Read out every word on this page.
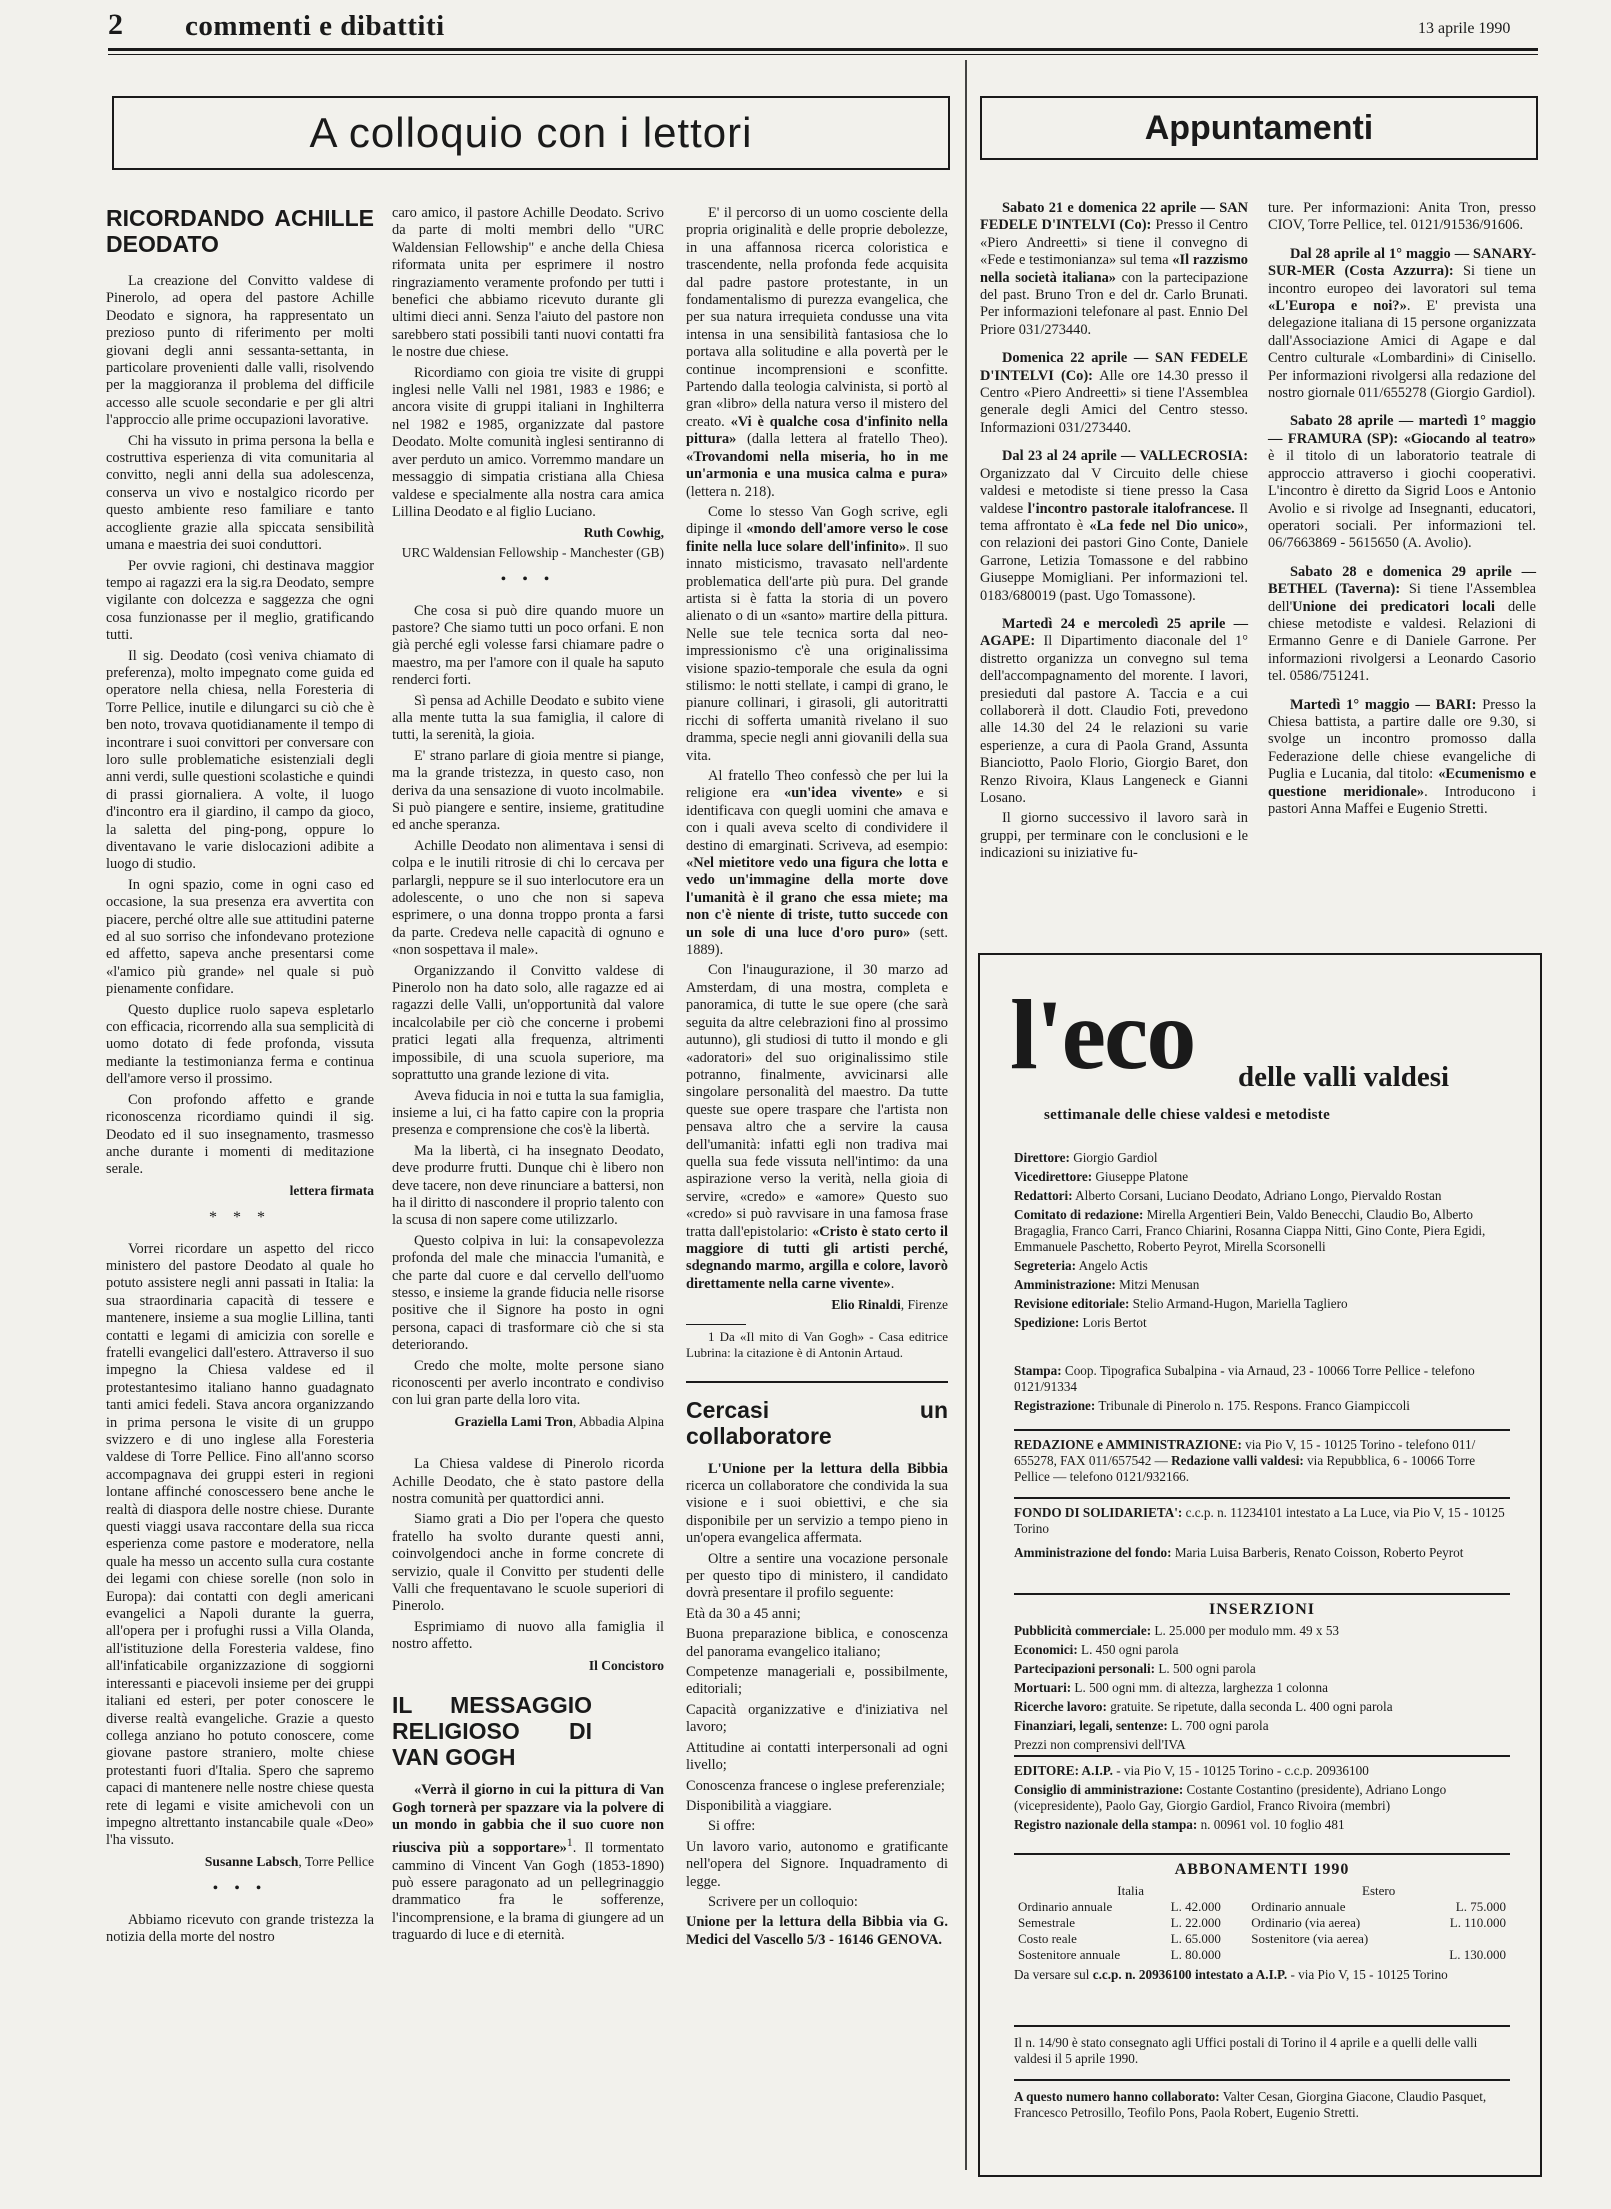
2 commenti e dibattiti	13 aprile 1990
A colloquio con i lettori	Appuntamenti
RICORDANDO ACHILLE DEODATO

La creazione del Convitto valdese di Pinerolo, ad opera del pastore Achille Deodato e signora, ha rappresentato un prezioso punto di riferimento per molti giovani degli anni sessanta-settanta, in particolare provenienti dalle valli, risolvendo per la maggioranza il problema del difficile accesso alle scuole secondarie e per gli altri l'approccio alle prime occupazioni lavorative.

Chi ha vissuto in prima persona la bella e costruttiva esperienza di vita comunitaria al convitto, negli anni della sua adolescenza, conserva un vivo e nostalgico ricordo per questo ambiente reso familiare e tanto accogliente grazie alla spiccata sensibilità umana e maestria dei suoi conduttori.

Per ovvie ragioni, chi destinava maggior tempo ai ragazzi era la sig.ra Deodato, sempre vigilante con dolcezza e saggezza che ogni cosa funzionasse per il meglio, gratificando tutti.

Il sig. Deodato (così veniva chiamato di preferenza), molto impegnato come guida ed operatore nella chiesa, nella Foresteria di Torre Pellice, inutile e dilungarci su ciò che è ben noto, trovava quotidianamente il tempo di incontrare i suoi convittori per conversare con loro sulle problematiche esistenziali degli anni verdi, sulle questioni scolastiche e quindi di prassi giornaliera. A volte, il luogo d'incontro era il giardino, il campo da gioco, la saletta del ping-pong, oppure lo diventavano le varie dislocazioni adibite a luogo di studio.

In ogni spazio, come in ogni caso ed occasione, la sua presenza era avvertita con piacere, perché oltre alle sue attitudini paterne ed al suo sorriso che infondevano protezione ed affetto, sapeva anche presentarsi come «l'amico più grande» nel quale si può pienamente confidare.

Questo duplice ruolo sapeva espletarlo con efficacia, ricorrendo alla sua semplicità di uomo dotato di fede profonda, vissuta mediante la testimonianza ferma e continua dell'amore verso il prossimo.

Con profondo affetto e grande riconoscenza ricordiamo quindi il sig. Deodato ed il suo insegnamento, trasmesso anche durante i momenti di meditazione serale.

lettera firmata
* * *

Vorrei ricordare un aspetto del ricco ministero del pastore Deodato al quale ho potuto assistere negli anni passati in Italia: la sua straordinaria capacità di tessere e mantenere, insieme a sua moglie Lillina, tanti contatti e legami di amicizia con sorelle e fratelli evangelici dall'estero. Attraverso il suo impegno la Chiesa valdese ed il protestantesimo italiano hanno guadagnato tanti amici fedeli. Stava ancora organizzando in prima persona le visite di un gruppo svizzero e di uno inglese alla Foresteria valdese di Torre Pellice. Fino all'anno scorso accompagnava dei gruppi esteri in regioni lontane affinché conoscessero bene anche le realtà di diaspora delle nostre chiese. Durante questi viaggi usava raccontare della sua ricca esperienza come pastore e moderatore, nella quale ha messo un accento sulla cura costante dei legami con chiese sorelle (non solo in Europa): dai contatti con degli americani evangelici a Napoli durante la guerra, all'opera per i profughi russi a Villa Olanda, all'istituzione della Foresteria valdese, fino all'infaticabile organizzazione di soggiorni interessanti e piacevoli insieme per dei gruppi italiani ed esteri, per poter conoscere le diverse realtà evangeliche. Grazie a questo collega anziano ho potuto conoscere, come giovane pastore straniero, molte chiese protestanti fuori d'Italia. Spero che sapremo capaci di mantenere nelle nostre chiese questa rete di legami e visite amichevoli con un impegno altrettanto instancabile quale «Deo» l'ha vissuto.

Susanne Labsch, Torre Pellice
• • •

Abbiamo ricevuto con grande tristezza la notizia della morte del nostro

caro amico, il pastore Achille Deodato. Scrivo da parte di molti membri dello "URC Waldensian Fellowship" e anche della Chiesa riformata unita per esprimere il nostro ringraziamento veramente profondo per tutti i benefici che abbiamo ricevuto durante gli ultimi dieci anni. Senza l'aiuto del pastore non sarebbero stati possibili tanti nuovi contatti fra le nostre due chiese.

Ricordiamo con gioia tre visite di gruppi inglesi nelle Valli nel 1981, 1983 e 1986; e ancora visite di gruppi italiani in Inghilterra nel 1982 e 1985, organizzate dal pastore Deodato. Molte comunità inglesi sentiranno di aver perduto un amico. Vorremmo mandare un messaggio di simpatia cristiana alla Chiesa valdese e specialmente alla nostra cara amica Lillina Deodato e al figlio Luciano.

Ruth Cowhig,
URC Waldensian Fellowship - Manchester (GB)
• • •

Che cosa si può dire quando muore un pastore? Che siamo tutti un poco orfani. E non già perché egli volesse farsi chiamare padre o maestro, ma per l'amore con il quale ha saputo renderci forti.

Sì pensa ad Achille Deodato e subito viene alla mente tutta la sua famiglia, il calore di tutti, la serenità, la gioia.

E' strano parlare di gioia mentre si piange, ma la grande tristezza, in questo caso, non deriva da una sensazione di vuoto incolmabile. Si può piangere e sentire, insieme, gratitudine ed anche speranza.

Achille Deodato non alimentava i sensi di colpa e le inutili ritrosie di chi lo cercava per parlargli, neppure se il suo interlocutore era un adolescente, o uno che non si sapeva esprimere, o una donna troppo pronta a farsi da parte. Credeva nelle capacità di ognuno e «non sospettava il male».

Organizzando il Convitto valdese di Pinerolo non ha dato solo, alle ragazze ed ai ragazzi delle Valli, un'opportunità dal valore incalcolabile per ciò che concerne i probemi pratici legati alla frequenza, altrimenti impossibile, di una scuola superiore, ma soprattutto una grande lezione di vita.

Aveva fiducia in noi e tutta la sua famiglia, insieme a lui, ci ha fatto capire con la propria presenza e comprensione che cos'è la libertà.

Ma la libertà, ci ha insegnato Deodato, deve produrre frutti. Dunque chi è libero non deve tacere, non deve rinunciare a battersi, non ha il diritto di nascondere il proprio talento con la scusa di non sapere come utilizzarlo.

Questo colpiva in lui: la consapevolezza profonda del male che minaccia l'umanità, e che parte dal cuore e dal cervello dell'uomo stesso, e insieme la grande fiducia nelle risorse positive che il Signore ha posto in ogni persona, capaci di trasformare ciò che si sta deteriorando.

Credo che molte, molte persone siano riconoscenti per averlo incontrato e condiviso con lui gran parte della loro vita.

Graziella Lami Tron, Abbadia Alpina

La Chiesa valdese di Pinerolo ricorda Achille Deodato, che è stato pastore della nostra comunità per quattordici anni.

Siamo grati a Dio per l'opera che questo fratello ha svolto durante questi anni, coinvolgendoci anche in forme concrete di servizio, quale il Convitto per studenti delle Valli che frequentavano le scuole superiori di Pinerolo.

Esprimiamo di nuovo alla famiglia il nostro affetto.

Il Concistoro
IL MESSAGGIO RELIGIOSO DI VAN GOGH

«Verrà il giorno in cui la pittura di Van Gogh tornerà per spazzare via la polvere di un mondo in gabbia che il suo cuore non riusciva più a sopportare»$^1$. Il tormentato cammino di Vincent Van Gogh (1853-1890) può essere paragonato ad un pellegrinaggio drammatico fra le sofferenze, l'incomprensione, e la brama di giungere ad un traguardo di luce e di eternità.

E' il percorso di un uomo cosciente della propria originalità e delle proprie debolezze, in una affannosa ricerca coloristica e trascendente, nella profonda fede acquisita dal padre pastore protestante, in un fondamentalismo di purezza evangelica, che per sua natura irrequieta condusse una vita intensa in una sensibilità fantasiosa che lo portava alla solitudine e alla povertà per le continue incomprensioni e sconfitte. Partendo dalla teologia calvinista, si portò al gran «libro» della natura verso il mistero del creato. «Vi è qualche cosa d'infinito nella pittura» (dalla lettera al fratello Theo). «Trovandomi nella miseria, ho in me un'armonia e una musica calma e pura» (lettera n. 218).

Come lo stesso Van Gogh scrive, egli dipinge il «mondo dell'amore verso le cose finite nella luce solare dell'infinito». Il suo innato misticismo, travasato nell'ardente problematica dell'arte più pura. Del grande artista si è fatta la storia di un povero alienato o di un «santo» martire della pittura. Nelle sue tele tecnica sorta dal neo-impressionismo c'è una originalissima visione spazio-temporale che esula da ogni stilismo: le notti stellate, i campi di grano, le pianure collinari, i girasoli, gli autoritratti ricchi di sofferta umanità rivelano il suo dramma, specie negli anni giovanili della sua vita.

Al fratello Theo confessò che per lui la religione era «un'idea vivente» e si identificava con quegli uomini che amava e con i quali aveva scelto di condividere il destino di emarginati. Scriveva, ad esempio: «Nel mietitore vedo una figura che lotta e vedo un'immagine della morte dove l'umanità è il grano che essa miete; ma non c'è niente di triste, tutto succede con un sole di una luce d'oro puro» (sett. 1889).

Con l'inaugurazione, il 30 marzo ad Amsterdam, di una mostra, completa e panoramica, di tutte le sue opere (che sarà seguita da altre celebrazioni fino al prossimo autunno), gli studiosi di tutto il mondo e gli «adoratori» del suo originalissimo stile potranno, finalmente, avvicinarsi alle singolare personalità del maestro. Da tutte queste sue opere traspare che l'artista non pensava altro che a servire la causa dell'umanità: infatti egli non tradiva mai quella sua fede vissuta nell'intimo: da una aspirazione verso la verità, nella gioia di servire, «credo» e «amore» Questo suo «credo» si può ravvisare in una famosa frase tratta dall'epistolario: «Cristo è stato certo il maggiore di tutti gli artisti perché, sdegnando marmo, argilla e colore, lavorò direttamente nella carne vivente».

Elio Rinaldi, Firenze

1 Da «Il mito di Van Gogh» - Casa editrice Lubrina: la citazione è di Antonin Artaud.

Cercasi un collaboratore

L'Unione per la lettura della Bibbia ricerca un collaboratore che condivida la sua visione e i suoi obiettivi, e che sia disponibile per un servizio a tempo pieno in un'opera evangelica affermata.

Oltre a sentire una vocazione personale per questo tipo di ministero, il candidato dovrà presentare il profilo seguente:

Età da 30 a 45 anni;

Buona preparazione biblica, e conoscenza del panorama evangelico italiano;

Competenze manageriali e, possibilmente, editoriali;

Capacità organizzative e d'iniziativa nel lavoro;

Attitudine ai contatti interpersonali ad ogni livello;

Conoscenza francese o inglese preferenziale;

Disponibilità a viaggiare.

Si offre:

Un lavoro vario, autonomo e gratificante nell'opera del Signore. Inquadramento di legge.

Scrivere per un colloquio:

Unione per la lettura della Bibbia via G. Medici del Vascello 5/3 - 16146 GENOVA.

Sabato 21 e domenica 22 aprile — SAN FEDELE D'INTELVI (Co): Presso il Centro «Piero Andreetti» si tiene il convegno di «Fede e testimonianza» sul tema «Il razzismo nella società italiana» con la partecipazione del past. Bruno Tron e del dr. Carlo Brunati. Per informazioni telefonare al past. Ennio Del Priore 031/273440.

Domenica 22 aprile — SAN FEDELE D'INTELVI (Co): Alle ore 14.30 presso il Centro «Piero Andreetti» si tiene l'Assemblea generale degli Amici del Centro stesso. Informazioni 031/273440.

Dal 23 al 24 aprile — VALLECROSIA: Organizzato dal V Circuito delle chiese valdesi e metodiste si tiene presso la Casa valdese l'incontro pastorale italofrancese. Il tema affrontato è «La fede nel Dio unico», con relazioni dei pastori Gino Conte, Daniele Garrone, Letizia Tomassone e del rabbino Giuseppe Momigliani. Per informazioni tel. 0183/680019 (past. Ugo Tomassone).

Martedì 24 e mercoledì 25 aprile — AGAPE: Il Dipartimento diaconale del 1° distretto organizza un convegno sul tema dell'accompagnamento del morente. I lavori, presieduti dal pastore A. Taccia e a cui collaborerà il dott. Claudio Foti, prevedono alle 14.30 del 24 le relazioni su varie esperienze, a cura di Paola Grand, Assunta Bianciotto, Paolo Florio, Giorgio Baret, don Renzo Rivoira, Klaus Langeneck e Gianni Losano.

Il giorno successivo il lavoro sarà in gruppi, per terminare con le conclusioni e le indicazioni su iniziative fu-

ture. Per informazioni: Anita Tron, presso CIOV, Torre Pellice, tel. 0121/91536/91606.

Dal 28 aprile al 1° maggio — SANARY-SUR-MER (Costa Azzurra): Si tiene un incontro europeo dei lavoratori sul tema «L'Europa e noi?». E' prevista una delegazione italiana di 15 persone organizzata dall'Associazione Amici di Agape e dal Centro culturale «Lombardini» di Cinisello. Per informazioni rivolgersi alla redazione del nostro giornale 011/655278 (Giorgio Gardiol).

Sabato 28 aprile — martedì 1° maggio — FRAMURA (SP): «Giocando al teatro» è il titolo di un laboratorio teatrale di approccio attraverso i giochi cooperativi. L'incontro è diretto da Sigrid Loos e Antonio Avolio e si rivolge ad Insegnanti, educatori, operatori sociali. Per informazioni tel. 06/7663869 - 5615650 (A. Avolio).

Sabato 28 e domenica 29 aprile — BETHEL (Taverna): Si tiene l'Assemblea dell'Unione dei predicatori locali delle chiese metodiste e valdesi. Relazioni di Ermanno Genre e di Daniele Garrone. Per informazioni rivolgersi a Leonardo Casorio tel. 0586/751241.

Martedì 1° maggio — BARI: Presso la Chiesa battista, a partire dalle ore 9.30, si svolge un incontro promosso dalla Federazione delle chiese evangeliche di Puglia e Lucania, dal titolo: «Ecumenismo e questione meridionale». Introducono i pastori Anna Maffei e Eugenio Stretti.

l'eco delle valli valdesi
settimanale delle chiese valdesi e metodiste

Direttore: Giorgio Gardiol

Vicedirettore: Giuseppe Platone

Redattori: Alberto Corsani, Luciano Deodato, Adriano Longo, Piervaldo Rostan

Comitato di redazione: Mirella Argentieri Bein, Valdo Benecchi, Claudio Bo, Alberto Bragaglia, Franco Carri, Franco Chiarini, Rosanna Ciappa Nitti, Gino Conte, Piera Egidi, Emmanuele Paschetto, Roberto Peyrot, Mirella Scorsonelli

Segreteria: Angelo Actis

Amministrazione: Mitzi Menusan

Revisione editoriale: Stelio Armand-Hugon, Mariella Tagliero

Spedizione: Loris Bertot

Stampa: Coop. Tipografica Subalpina - via Arnaud, 23 - 10066 Torre Pellice - telefono 0121/91334

Registrazione: Tribunale di Pinerolo n. 175. Respons. Franco Giampiccoli

REDAZIONE e AMMINISTRAZIONE: via Pio V, 15 - 10125 Torino - telefono 011/ 655278, FAX 011/657542 — Redazione valli valdesi: via Repubblica, 6 - 10066 Torre Pellice — telefono 0121/932166.

FONDO DI SOLIDARIETA': c.c.p. n. 11234101 intestato a La Luce, via Pio V, 15 - 10125 Torino

Amministrazione del fondo: Maria Luisa Barberis, Renato Coisson, Roberto Peyrot

INSERZIONI

Pubblicità commerciale: L. 25.000 per modulo mm. 49 x 53

Economici: L. 450 ogni parola

Partecipazioni personali: L. 500 ogni parola

Mortuari: L. 500 ogni mm. di altezza, larghezza 1 colonna

Ricerche lavoro: gratuite. Se ripetute, dalla seconda L. 400 ogni parola

Finanziari, legali, sentenze: L. 700 ogni parola

Prezzi non comprensivi dell'IVA

EDITORE: A.I.P. - via Pio V, 15 - 10125 Torino - c.c.p. 20936100

Consiglio di amministrazione: Costante Costantino (presidente), Adriano Longo (vicepresidente), Paolo Gay, Giorgio Gardiol, Franco Rivoira (membri)

Registro nazionale della stampa: n. 00961 vol. 10 foglio 481

ABBONAMENTI 1990
Italia		Estero	
Ordinario annuale	L. 42.000	Ordinario annuale	L. 75.000
Semestrale	L. 22.000	Ordinario (via aerea)	L. 110.000
Costo reale	L. 65.000	Sostenitore (via aerea)	
Sostenitore annuale	L. 80.000		L. 130.000

Da versare sul c.c.p. n. 20936100 intestato a A.I.P. - via Pio V, 15 - 10125 Torino

Il n. 14/90 è stato consegnato agli Uffici postali di Torino il 4 aprile e a quelli delle valli valdesi il 5 aprile 1990.

A questo numero hanno collaborato: Valter Cesan, Giorgina Giacone, Claudio Pasquet, Francesco Petrosillo, Teofilo Pons, Paola Robert, Eugenio Stretti.
